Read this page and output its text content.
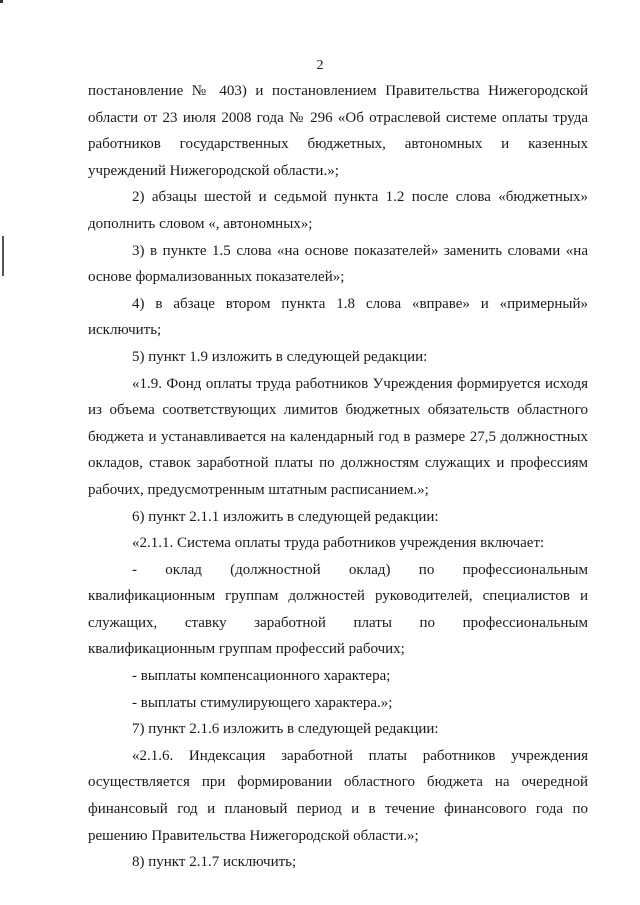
2

постановление № 403) и постановлением Правительства Нижегородской области от 23 июля 2008 года № 296 «Об отраслевой системе оплаты труда работников государственных бюджетных, автономных и казенных учреждений Нижегородской области.»;

2) абзацы шестой и седьмой пункта 1.2 после слова «бюджетных» дополнить словом «, автономных»;

3) в пункте 1.5 слова «на основе показателей» заменить словами «на основе формализованных показателей»;

4) в абзаце втором пункта 1.8 слова «вправе» и «примерный» исключить;

5) пункт 1.9 изложить в следующей редакции:

«1.9. Фонд оплаты труда работников Учреждения формируется исходя из объема соответствующих лимитов бюджетных обязательств областного бюджета и устанавливается на календарный год в размере 27,5 должностных окладов, ставок заработной платы по должностям служащих и профессиям рабочих, предусмотренным штатным расписанием.»;

6) пункт 2.1.1 изложить в следующей редакции:

«2.1.1. Система оплаты труда работников учреждения включает:

- оклад (должностной оклад) по профессиональным квалификационным группам должностей руководителей, специалистов и служащих, ставку заработной платы по профессиональным квалификационным группам профессий рабочих;

- выплаты компенсационного характера;

- выплаты стимулирующего характера.»;

7) пункт 2.1.6 изложить в следующей редакции:

«2.1.6. Индексация заработной платы работников учреждения осуществляется при формировании областного бюджета на очередной финансовый год и плановый период и в течение финансового года по решению Правительства Нижегородской области.»;

8) пункт 2.1.7 исключить;
